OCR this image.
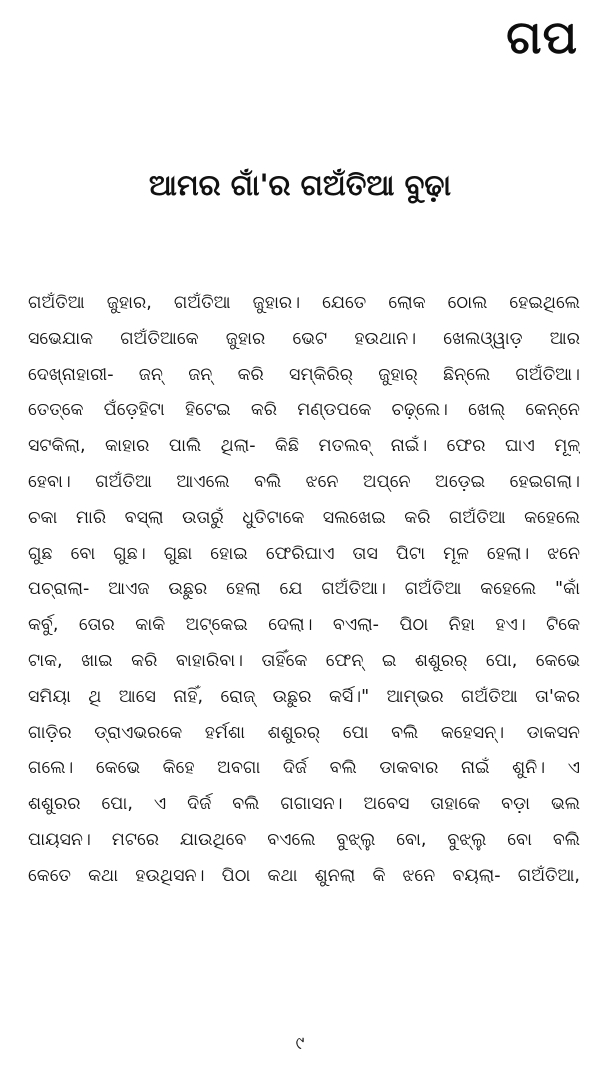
ଗପ
ଆମର ଗାଁ'ର ଗଅଁତିଆ ବୁଢ଼ା
ଗଅଁତିଆ ଜୁହାର, ଗଅଁତିଆ ଜୁହାର। ଯେତେ ଲୋକ ଠୋଲ ହେଇଥିଲେ
ସଭେଯାକ ଗଅଁତିଆକେ ଜୁହାର ଭେଟ ହଉଥାନ। ଖେଲଓ୍ୱାଡ଼ ଆର
ଦେଖ୍‌ନାହାରୀ- ଜନ୍ ଜନ୍ କରି ସମ୍‌କିରିର୍ ଜୁହାର୍ ଛିନ୍‌ଲେ ଗଅଁତିଆ।
ତେତ୍‌କେ ପଁଡ଼େହିଟା ହିଟେଇ କରି ମଣ୍ଡପକେ ଚଢ଼୍‌ଲେ। ଖେଲ୍ କେନ୍‌ନେ
ସଟକିଲା, କାହାର ପାଲି ଥିଲା- କିଛି ମତଲବ୍ ନାଇଁ। ଫେର ଘାଏ ମୂଳ୍
ହେବା। ଗଅଁତିଆ ଆଏଲେ ବଲି ଝନେ ଅପ୍‌ନେ ଅଡ଼େଇ ହେଇଗଲା।
ଚକା ମାରି ବସ୍‌ଲା ଉତାରୁଁ ଧୁତିଟାକେ ସଲଖେଇ କରି ଗଅଁତିଆ କହେଲେ
ଗୁଛ ବୋ ଗୁଛ। ଗୁଛା ହୋଇ ଫେରିଘାଏ ତାସ ପିଟା ମୂଳ ହେଲା। ଝନେ
ପଚ୍ରାଲା- ଆଏଜ ଉଛୁର ହେଲା ଯେ ଗଅଁତିଆ। ଗଅଁତିଆ କହେଲେ "କାଁ
କର୍ବୁ, ତୋର କାକି ଅଟ୍‌କେଇ ଦେଲା। ବଏଲା- ପିଠା ନିହା ହଏ। ଟିକେ
ଟାକ, ଖାଇ କରି ବାହାରିବା। ତାହିଁକେ ଫେନ୍ ଇ ଶଶୁରର୍ ପୋ, କେଭେ
ସମିୟା ଥି ଆସେ ନାହିଁ, ରୋଜ୍ ଉଛୁର କର୍ସି।" ଆମ୍ଭର ଗଅଁତିଆ ତା'କର
ଗାଡ଼ିର ଡ୍ରାଏଭରକେ ହର୍ମଶା ଶଶୁରର୍ ପୋ ବଲି କହେସନ୍। ଡାକସନ
ଗଲେ। କେଭେ କିହେ ଅବଗା ଦିର୍ଜ ବଲି ଡାକବାର ନାଇଁ ଶୁନି। ଏ
ଶଶୁରର ପୋ, ଏ ଦିର୍ଜ ବଲି ଗଗାସନ। ଅବେସ ତାହାକେ ବଡ଼ା ଭଲ
ପାୟସନ। ମଟରେ ଯାଉଥିବେ ବଏଲେ ବୁଝ୍‌ଲୁ ବୋ, ବୁଝ୍‌ଲୁ ବୋ ବଲି
କେତେ କଥା ହଉଥିସନ। ପିଠା କଥା ଶୁନଲା କି ଝନେ ବୟଲା- ଗଅଁତିଆ,
୯
